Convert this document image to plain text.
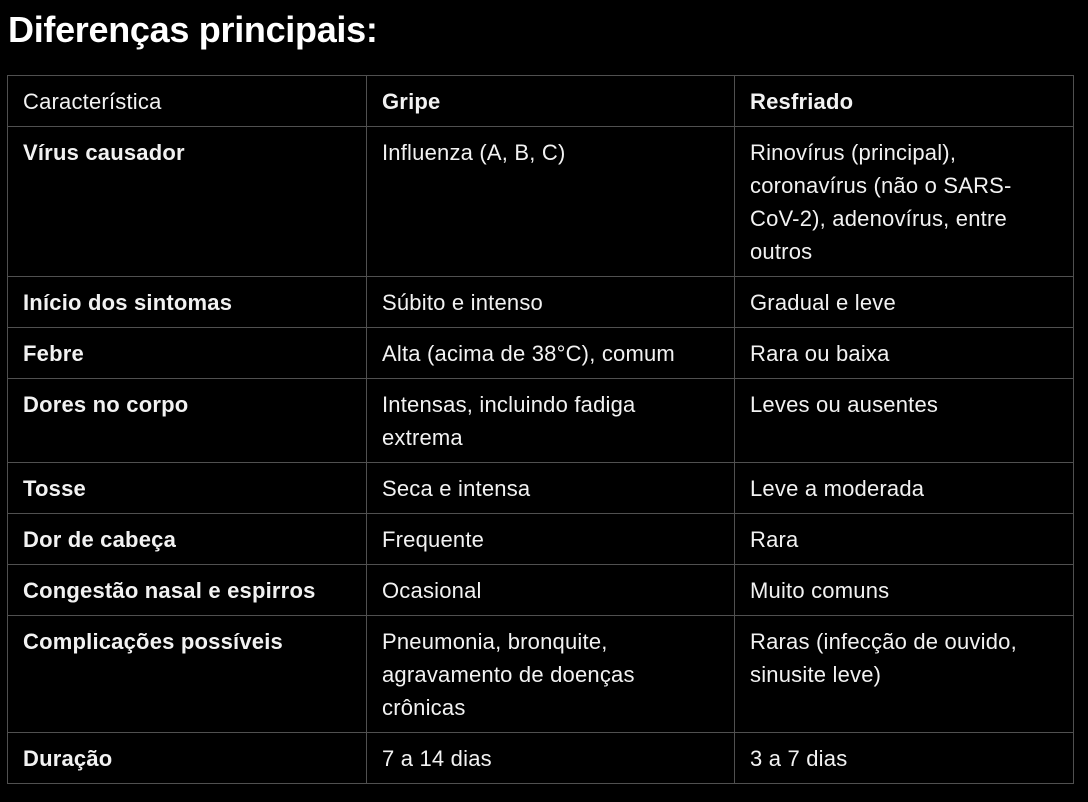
Diferenças principais:
Característica	Gripe	Resfriado
Vírus causador	Influenza (A, B, C)	Rinovírus (principal), coronavírus (não o SARS-CoV-2), adenovírus, entre outros
Início dos sintomas	Súbito e intenso	Gradual e leve
Febre	Alta (acima de 38°C), comum	Rara ou baixa
Dores no corpo	Intensas, incluindo fadiga extrema	Leves ou ausentes
Tosse	Seca e intensa	Leve a moderada
Dor de cabeça	Frequente	Rara
Congestão nasal e espirros	Ocasional	Muito comuns
Complicações possíveis	Pneumonia, bronquite, agravamento de doenças crônicas	Raras (infecção de ouvido, sinusite leve)
Duração	7 a 14 dias	3 a 7 dias
